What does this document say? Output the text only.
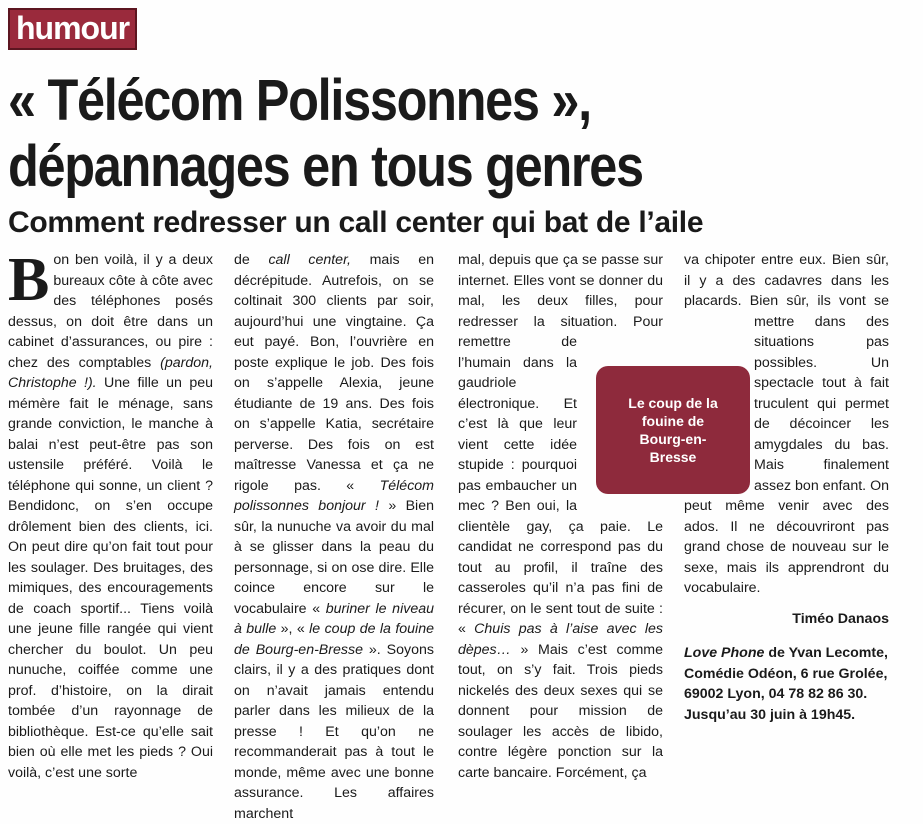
humour
« Télécom Polissonnes »,
dépannages en tous genres
Comment redresser un call center qui bat de l’aile

Bon ben voilà, il y a deux bureaux côte à côte avec des téléphones posés dessus, on doit être dans un cabinet d’assurances, ou pire : chez des comptables (pardon, Christophe !). Une fille un peu mémère fait le ménage, sans grande conviction, le manche à balai n’est peut-être pas son ustensile préféré. Voilà le téléphone qui sonne, un client ? Bendidonc, on s’en occupe drôlement bien des clients, ici. On peut dire qu’on fait tout pour les soulager. Des bruitages, des mimiques, des encouragements de coach sportif... Tiens voilà une jeune fille rangée qui vient chercher du boulot. Un peu nunuche, coiffée comme une prof. d’histoire, on la dirait tombée d’un rayonnage de bibliothèque. Est-ce qu’elle sait bien où elle met les pieds ? Oui voilà, c’est une sorte

de call center, mais en décrépitude. Autrefois, on se coltinait 300 clients par soir, aujourd’hui une vingtaine. Ça eut payé. Bon, l’ouvrière en poste explique le job. Des fois on s’appelle Alexia, jeune étudiante de 19 ans. Des fois on s’appelle Katia, secrétaire perverse. Des fois on est maîtresse Vanessa et ça ne rigole pas. « Télécom polissonnes bonjour ! » Bien sûr, la nunuche va avoir du mal à se glisser dans la peau du personnage, si on ose dire. Elle coince encore sur le vocabulaire « buriner le niveau à bulle », « le coup de la fouine de Bourg-en-Bresse ». Soyons clairs, il y a des pratiques dont on n’avait jamais entendu parler dans les milieux de la presse ! Et qu’on ne recommanderait pas à tout le monde, même avec une bonne assurance. Les affaires marchent

mal, depuis que ça se passe sur internet. Elles vont se donner du mal, les deux filles, pour redresser la situation. Pour remettre de l’humain dans la gaudriole électronique. Et c’est là que leur vient cette idée stupide : pourquoi pas embaucher un mec ? Ben oui, la clientèle gay, ça paie. Le candidat ne correspond pas du tout au profil, il traîne des casseroles qu’il n’a pas fini de récurer, on le sent tout de suite : « Chuis pas à l’aise avec les dèpes… » Mais c’est comme tout, on s’y fait. Trois pieds nickelés des deux sexes qui se donnent pour mission de soulager les accès de libido, contre légère ponction sur la carte bancaire. Forcément, ça

va chipoter entre eux. Bien sûr, il y a des cadavres dans les placards. Bien sûr, ils vont se mettre dans des situations pas possibles. Un spectacle tout à fait truculent qui permet de décoincer les amygdales du bas. Mais finalement assez bon enfant. On peut même venir avec des ados. Il ne découvriront pas grand chose de nouveau sur le sexe, mais ils apprendront du vocabulaire.

Timéo Danaos
Love Phone de Yvan Lecomte, Comédie Odéon, 6 rue Grolée, 69002 Lyon, 04 78 82 86 30. Jusqu’au 30 juin à 19h45.
Le coup de la fouine de Bourg-en-Bresse
